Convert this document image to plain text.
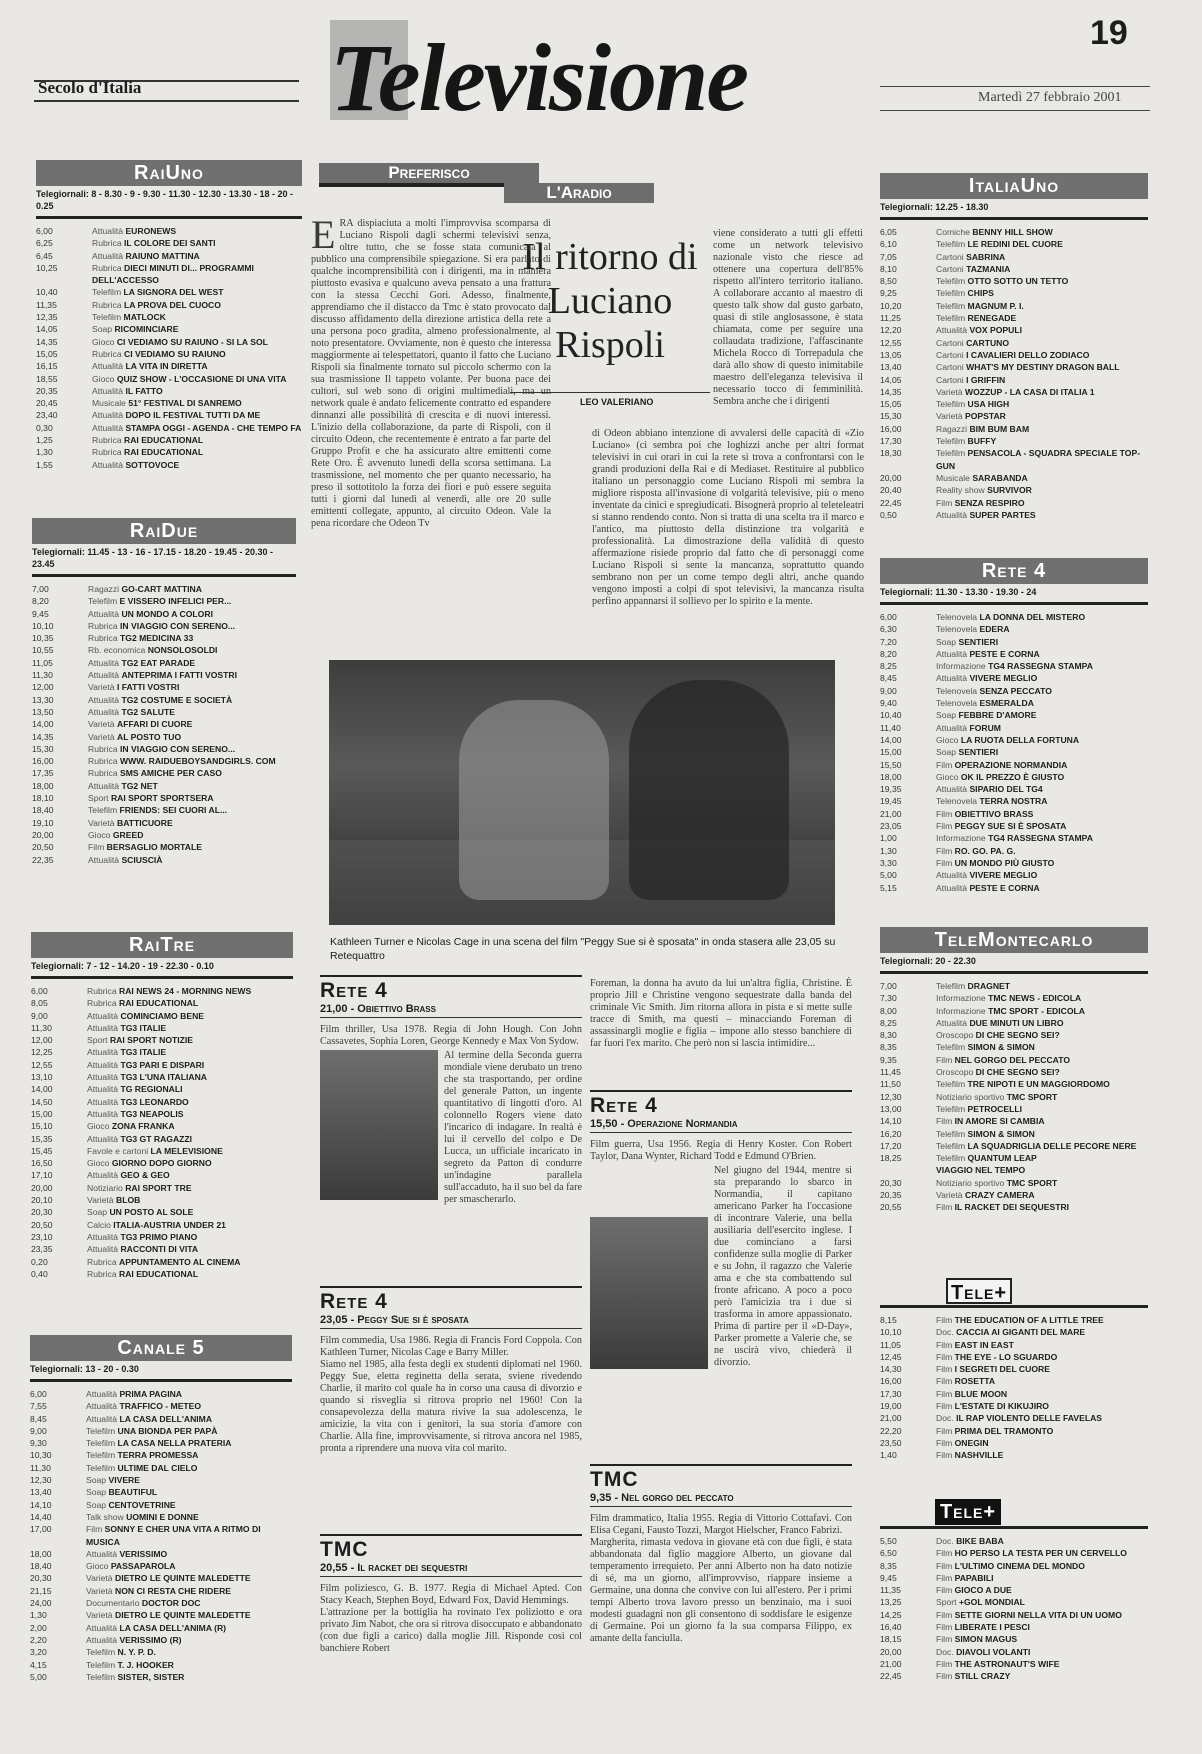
19
Secolo d'Italia Televisione	Martedì 27 febbraio 2001
RaiUno
Telegiornali: 8 - 8.30 - 9 - 9.30 - 11.30 - 12.30 - 13.30 - 18 - 20 - 0.25
6,00	Attualità EURONEWS
6,25	Rubrica IL COLORE DEI SANTI
6,45	Attualità RAIUNO MATTINA
10,25	Rubrica DIECI MINUTI DI... PROGRAMMI DELL'ACCESSO
10,40	Telefilm LA SIGNORA DEL WEST
11,35	Rubrica LA PROVA DEL CUOCO
12,35	Telefilm MATLOCK
14,05	Soap RICOMINCIARE
14,35	Gioco CI VEDIAMO SU RAIUNO - SI LA SOL
15,05	Rubrica CI VEDIAMO SU RAIUNO
16,15	Attualità LA VITA IN DIRETTA
18,55	Gioco QUIZ SHOW - L'OCCASIONE DI UNA VITA
20,35	Attualità IL FATTO
20,45	Musicale 51° FESTIVAL DI SANREMO
23,40	Attualità DOPO IL FESTIVAL TUTTI DA ME
0,30	Attualità STAMPA OGGI - AGENDA - CHE TEMPO FA
1,25	Rubrica RAI EDUCATIONAL
1,30	Rubrica RAI EDUCATIONAL
1,55	Attualità SOTTOVOCE
RaiDue
Telegiornali: 11.45 - 13 - 16 - 17.15 - 18.20 - 19.45 - 20.30 - 23.45
7,00	Ragazzi GO-CART MATTINA
8,20	Telefilm E VISSERO INFELICI PER...
9,45	Attualità UN MONDO A COLORI
10,10	Rubrica IN VIAGGIO CON SERENO...
10,35	Rubrica TG2 MEDICINA 33
10,55	Rb. economica NONSOLOSOLDI
11,05	Attualità TG2 EAT PARADE
11,30	Attualità ANTEPRIMA I FATTI VOSTRI
12,00	Varietà I FATTI VOSTRI
13,30	Attualità TG2 COSTUME E SOCIETÀ
13,50	Attualità TG2 SALUTE
14,00	Varietà AFFARI DI CUORE
14,35	Varietà AL POSTO TUO
15,30	Rubrica IN VIAGGIO CON SERENO...
16,00	Rubrica WWW. RAIDUEBOYSANDGIRLS. COM
17,35	Rubrica SMS AMICHE PER CASO
18,00	Attualità TG2 NET
18,10	Sport RAI SPORT SPORTSERA
18,40	Telefilm FRIENDS: SEI CUORI AL...
19,10	Varietà BATTICUORE
20,00	Gioco GREED
20,50	Film BERSAGLIO MORTALE
22,35	Attualità SCIUSCIÀ
RaiTre
Telegiornali: 7 - 12 - 14.20 - 19 - 22.30 - 0.10
6,00	Rubrica RAI NEWS 24 - MORNING NEWS
8,05	Rubrica RAI EDUCATIONAL
9,00	Attualità COMINCIAMO BENE
11,30	Attualità TG3 ITALIE
12,00	Sport RAI SPORT NOTIZIE
12,25	Attualità TG3 ITALIE
12,55	Attualità TG3 PARI E DISPARI
13,10	Attualità TG3 L'UNA ITALIANA
14,00	Attualità TG REGIONALI
14,50	Attualità TG3 LEONARDO
15,00	Attualità TG3 NEAPOLIS
15,10	Gioco ZONA FRANKA
15,35	Attualità TG3 GT RAGAZZI
15,45	Favole e cartoni LA MELEVISIONE
16,50	Gioco GIORNO DOPO GIORNO
17,10	Attualità GEO & GEO
20,00	Notiziario RAI SPORT TRE
20,10	Varietà BLOB
20,30	Soap UN POSTO AL SOLE
20,50	Calcio ITALIA-AUSTRIA UNDER 21
23,10	Attualità TG3 PRIMO PIANO
23,35	Attualità RACCONTI DI VITA
0,20	Rubrica APPUNTAMENTO AL CINEMA
0,40	Rubrica RAI EDUCATIONAL
Canale 5
Telegiornali: 13 - 20 - 0.30
6,00	Attualità PRIMA PAGINA
7,55	Attualità TRAFFICO - METEO
8,45	Attualità LA CASA DELL'ANIMA
9,00	Telefilm UNA BIONDA PER PAPÀ
9,30	Telefilm LA CASA NELLA PRATERIA
10,30	Telefilm TERRA PROMESSA
11,30	Telefilm ULTIME DAL CIELO
12,30	Soap VIVERE
13,40	Soap BEAUTIFUL
14,10	Soap CENTOVETRINE
14,40	Talk show UOMINI E DONNE
17,00	Film SONNY E CHER UNA VITA A RITMO DI MUSICA
18,00	Attualità VERISSIMO
18,40	Gioco PASSAPAROLA
20,30	Varietà DIETRO LE QUINTE MALEDETTE
21,15	Varietà NON CI RESTA CHE RIDERE
24,00	Documentario DOCTOR DOC
1,30	Varietà DIETRO LE QUINTE MALEDETTE
2,00	Attualità LA CASA DELL'ANIMA (R)
2,20	Attualità VERISSIMO (R)
3,20	Telefilm N. Y. P. D.
4,15	Telefilm T. J. HOOKER
5,00	Telefilm SISTER, SISTER
ItaliaUno
Telegiornali: 12.25 - 18.30
6,05	Comiche BENNY HILL SHOW
6,10	Telefilm LE REDINI DEL CUORE
7,05	Cartoni SABRINA
8,10	Cartoni TAZMANIA
8,50	Telefilm OTTO SOTTO UN TETTO
9,25	Telefilm CHIPS
10,20	Telefilm MAGNUM P. I.
11,25	Telefilm RENEGADE
12,20	Attualità VOX POPULI
12,55	Cartoni CARTUNO
13,05	Cartoni I CAVALIERI DELLO ZODIACO
13,40	Cartoni WHAT'S MY DESTINY DRAGON BALL
14,05	Cartoni I GRIFFIN
14,35	Varietà WOZZUP - LA CASA DI ITALIA 1
15,05	Telefilm USA HIGH
15,30	Varietà POPSTAR
16,00	Ragazzi BIM BUM BAM
17,30	Telefilm BUFFY
18,30	Telefilm PENSACOLA - SQUADRA SPECIALE TOP-GUN
20,00	Musicale SARABANDA
20,40	Reality show SURVIVOR
22,45	Film SENZA RESPIRO
0,50	Attualità SUPER PARTES
Rete 4
Telegiornali: 11.30 - 13.30 - 19.30 - 24
6,00	Telenovela LA DONNA DEL MISTERO
6,30	Telenovela EDERA
7,20	Soap SENTIERI
8,20	Attualità PESTE E CORNA
8,25	Informazione TG4 RASSEGNA STAMPA
8,45	Attualità VIVERE MEGLIO
9,00	Telenovela SENZA PECCATO
9,40	Telenovela ESMERALDA
10,40	Soap FEBBRE D'AMORE
11,40	Attualità FORUM
14,00	Gioco LA RUOTA DELLA FORTUNA
15,00	Soap SENTIERI
15,50	Film OPERAZIONE NORMANDIA
18,00	Gioco OK IL PREZZO È GIUSTO
19,35	Attualità SIPARIO DEL TG4
19,45	Telenovela TERRA NOSTRA
21,00	Film OBIETTIVO BRASS
23,05	Film PEGGY SUE SI È SPOSATA
1,00	Informazione TG4 RASSEGNA STAMPA
1,30	Film RO. GO. PA. G.
3,30	Film UN MONDO PIÙ GIUSTO
5,00	Attualità VIVERE MEGLIO
5,15	Attualità PESTE E CORNA
TeleMontecarlo
Telegiornali: 20 - 22.30
7,00	Telefilm DRAGNET
7,30	Informazione TMC NEWS - EDICOLA
8,00	Informazione TMC SPORT - EDICOLA
8,25	Attualità DUE MINUTI UN LIBRO
8,30	Oroscopo DI CHE SEGNO SEI?
8,35	Telefilm SIMON & SIMON
9,35	Film NEL GORGO DEL PECCATO
11,45	Oroscopo DI CHE SEGNO SEI?
11,50	Telefilm TRE NIPOTI E UN MAGGIORDOMO
12,30	Notiziario sportivo TMC SPORT
13,00	Telefilm PETROCELLI
14,10	Film IN AMORE SI CAMBIA
16,20	Telefilm SIMON & SIMON
17,20	Telefilm LA SQUADRIGLIA DELLE PECORE NERE
18,25	Telefilm QUANTUM LEAP
VIAGGIO NEL TEMPO
20,30	Notiziario sportivo TMC SPORT
20,35	Varietà CRAZY CAMERA
20,55	Film IL RACKET DEI SEQUESTRI
Tele+
8,15	Film THE EDUCATION OF A LITTLE TREE
10,10	Doc. CACCIA AI GIGANTI DEL MARE
11,05	Film EAST IN EAST
12,45	Film THE EYE - LO SGUARDO
14,30	Film I SEGRETI DEL CUORE
16,00	Film ROSETTA
17,30	Film BLUE MOON
19,00	Film L'ESTATE DI KIKUJIRO
21,00	Doc. IL RAP VIOLENTO DELLE FAVELAS
22,20	Film PRIMA DEL TRAMONTO
23,50	Film ONEGIN
1,40	Film NASHVILLE
Tele+
5,50	Doc. BIKE BABA
6,50	Film HO PERSO LA TESTA PER UN CERVELLO
8,35	Film L'ULTIMO CINEMA DEL MONDO
9,45	Film PAPABILI
11,35	Film GIOCO A DUE
13,25	Sport +GOL MONDIAL
14,25	Film SETTE GIORNI NELLA VITA DI UN UOMO
16,40	Film LIBERATE I PESCI
18,15	Film SIMON MAGUS
20,00	Doc. DIAVOLI VOLANTI
21,00	Film THE ASTRONAUT'S WIFE
22,45	Film STILL CRAZY
Preferisco
L'Aradio
Il ritorno di Luciano Rispoli
LEO VALERIANO
ERA dispiaciuta a molti l'improvvisa scomparsa di Luciano Rispoli dagli schermi televisivi senza, oltre tutto, che se fosse stata comunicata al pubblico una comprensibile spiegazione. Si era parlato di qualche incomprensibilità con i dirigenti, ma in maniera piuttosto evasiva e qualcuno aveva pensato a una frattura con la stessa Cecchi Gori. Adesso, finalmente, apprendiamo che il distacco da Tmc è stato provocato dal discusso affidamento della direzione artistica della rete a una persona poco gradita, almeno professionalmente, al noto presentatore. Ovviamente, non è questo che interessa maggiormente ai telespettatori, quanto il fatto che Luciano Rispoli sia finalmente tornato sul piccolo schermo con la sua trasmissione Il tappeto volante. Per buona pace dei cultori, sul web sono di origini multimediali, ma un network quale è andato felicemente contratto ed espandere dinnanzi alle possibilità di crescita e di nuovi interessi. L'inizio della collaborazione, da parte di Rispoli, con il circuito Odeon, che recentemente è entrato a far parte del Gruppo Profit e che ha assicurato altre emittenti come Rete Oro. È avvenuto lunedì della scorsa settimana. La trasmissione, nel momento che per quanto necessario, ha preso il sottotitolo la forza dei fiori e può essere seguita tutti i giorni dal lunedì al venerdì, alle ore 20 sulle emittenti collegate, appunto, al circuito Odeon. Vale la pena ricordare che Odeon Tv
viene considerato a tutti gli effetti come un network televisivo nazionale visto che riesce ad ottenere una copertura dell'85% rispetto all'intero territorio italiano. A collaborare accanto al maestro di questo talk show dal gusto garbato, quasi di stile anglosassone, è stata chiamata, come per seguire una collaudata tradizione, l'affascinante Michela Rocco di Torrepadula che darà allo show di questo inimitabile maestro dell'eleganza televisiva il necessario tocco di femminilità. Sembra anche che i dirigenti
di Odeon abbiano intenzione di avvalersi delle capacità di «Zio Luciano» (ci sembra poi che loghizzi anche per altri format televisivi in cui orari in cui la rete si trova a confrontarsi con le grandi produzioni della Rai e di Mediaset. Restituire al pubblico italiano un personaggio come Luciano Rispoli mi sembra la migliore risposta all'invasione di volgarità televisive, più o meno inventate da cinici e spregiudicati. Bisognerà proprio al teleteleatri si stanno rendendo conto. Non si tratta di una scelta tra il marco e l'antico, ma piuttosto della distinzione tra volgarità e professionalità. La dimostrazione della validità di questo affermazione risiede proprio dal fatto che di personaggi come Luciano Rispoli si sente la mancanza, soprattutto quando sembrano non per un come tempo degli altri, anche quando vengono imposti a colpi di spot televisivi, la mancanza risulta perfino appannarsi il sollievo per lo spirito e la mente.
Kathleen Turner e Nicolas Cage in una scena del film "Peggy Sue si è sposata" in onda stasera alle 23,05 su Retequattro
Rete 4
21,00 - Obiettivo Brass
Film thriller, Usa 1978. Regia di John Hough. Con John Cassavetes, Sophia Loren, George Kennedy e Max Von Sydow.
Al termine della Seconda guerra mondiale viene derubato un treno che sta trasportando, per ordine del generale Patton, un ingente quantitativo di lingotti d'oro. Al colonnello Rogers viene dato l'incarico di indagare. In realtà è lui il cervello del colpo e De Lucca, un ufficiale incaricato in segreto da Patton di condurre un'indagine parallela sull'accaduto, ha il suo bel da fare per smascherarlo.
Rete 4
23,05 - Peggy Sue si è sposata
Film commedia, Usa 1986. Regia di Francis Ford Coppola. Con Kathleen Turner, Nicolas Cage e Barry Miller.
Siamo nel 1985, alla festa degli ex studenti diplomati nel 1960. Peggy Sue, eletta reginetta della serata, sviene rivedendo Charlie, il marito col quale ha in corso una causa di divorzio e quando si risveglia si ritrova proprio nel 1960! Con la consapevolezza della matura rivive la sua adolescenza, le amicizie, la vita con i genitori, la sua storia d'amore con Charlie. Alla fine, improvvisamente, si ritrova ancora nel 1985, pronta a riprendere una nuova vita col marito.
TMC
20,55 - Il racket dei sequestri
Film poliziesco, G. B. 1977. Regia di Michael Apted. Con Stacy Keach, Stephen Boyd, Edward Fox, David Hemmings.
L'attrazione per la bottiglia ha rovinato l'ex poliziotto e ora privato Jim Nabot, che ora si ritrova disoccupato e abbandonato (con due figli a carico) dalla moglie Jill. Risponde così col banchiere Robert
Foreman, la donna ha avuto da lui un'altra figlia, Christine. È proprio Jill e Christine vengono sequestrate dalla banda del criminale Vic Smith. Jim ritorna allora in pista e si mette sulle tracce di Smith, ma questi – minacciando Foreman di assassinargli moglie e figlia – impone allo stesso banchiere di far fuori l'ex marito. Che però non si lascia intimidire...
Rete 4
15,50 - Operazione Normandia
Film guerra, Usa 1956. Regia di Henry Koster. Con Robert Taylor, Dana Wynter, Richard Todd e Edmund O'Brien.
Nel giugno del 1944, mentre si sta preparando lo sbarco in Normandia, il capitano americano Parker ha l'occasione di incontrare Valerie, una bella ausiliaria dell'esercito inglese. I due cominciano a farsi confidenze sulla moglie di Parker e su John, il ragazzo che Valerie ama e che sta combattendo sul fronte africano. A poco a poco però l'amicizia tra i due si trasforma in amore appassionato. Prima di partire per il «D-Day», Parker promette a Valerie che, se ne uscirà vivo, chiederà il divorzio.
TMC
9,35 - Nel gorgo del peccato
Film drammatico, Italia 1955. Regia di Vittorio Cottafavi. Con Elisa Cegani, Fausto Tozzi, Margot Hielscher, Franco Fabrizi.
Margherita, rimasta vedova in giovane età con due figli, è stata abbandonata dal figlio maggiore Alberto, un giovane dal temperamento irrequieto. Per anni Alberto non ha dato notizie di sé, ma un giorno, all'improvviso, riappare insieme a Germaine, una donna che convive con lui all'estero. Per i primi tempi Alberto trova lavoro presso un benzinaio, ma i suoi modesti guadagni non gli consentono di soddisfare le esigenze di Germaine. Poi un giorno fa la sua comparsa Filippo, ex amante della fanciulla.
